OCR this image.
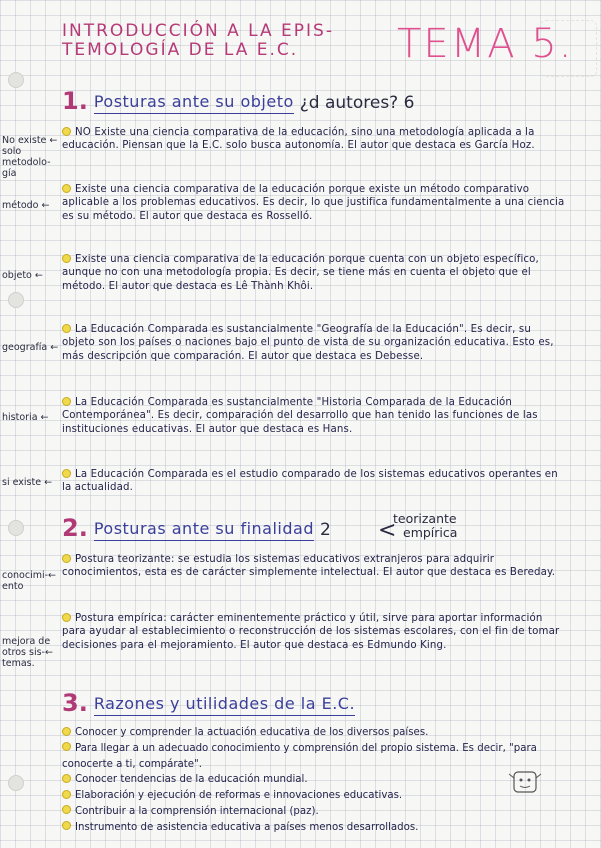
INTRODUCCIÓN A LA EPIS-
TEMOLOGÍA DE LA E.C.	TEMA 5.
1. Posturas ante su objeto ¿d autores? 6
No existe ←
solo metodolo-
gía
NO Existe una ciencia comparativa de la educación, sino una metodología aplicada a la educación. Piensan que la E.C. solo busca autonomía. El autor que destaca es García Hoz.
método ←
Existe una ciencia comparativa de la educación porque existe un método comparativo aplicable a los problemas educativos. Es decir, lo que justifica fundamentalmente a una ciencia es su método. El autor que destaca es Rosselló.
objeto ←
Existe una ciencia comparativa de la educación porque cuenta con un objeto específico, aunque no con una metodología propia. Es decir, se tiene más en cuenta el objeto que el método. El autor que destaca es Lê Thành Khôi.
geografía ←
La Educación Comparada es sustancialmente "Geografía de la Educación". Es decir, su objeto son los países o naciones bajo el punto de vista de su organización educativa. Esto es, más descripción que comparación. El autor que destaca es Debesse.
historia ←
La Educación Comparada es sustancialmente "Historia Comparada de la Educación Contemporánea". Es decir, comparación del desarrollo que han tenido las funciones de las instituciones educativas. El autor que destaca es Hans.
si existe ←
La Educación Comparada es el estudio comparado de los sistemas educativos operantes en la actualidad.
2. Posturas ante su finalidad 2 <
teorizante
empírica
conocimi-←
ento
Postura teorizante: se estudia los sistemas educativos extranjeros para adquirir conocimientos, esta es de carácter simplemente intelectual. El autor que destaca es Bereday.
mejora de
otros sis-←
temas.
Postura empírica: carácter eminentemente práctico y útil, sirve para aportar información para ayudar al establecimiento o reconstrucción de los sistemas escolares, con el fin de tomar decisiones para el mejoramiento. El autor que destaca es Edmundo King.
3. Razones y utilidades de la E.C.
Conocer y comprender la actuación educativa de los diversos países.
Para llegar a un adecuado conocimiento y comprensión del propio sistema. Es decir, "para conocerte a ti, compárate".
Conocer tendencias de la educación mundial.
Elaboración y ejecución de reformas e innovaciones educativas.
Contribuir a la comprensión internacional (paz).
Instrumento de asistencia educativa a países menos desarrollados.
